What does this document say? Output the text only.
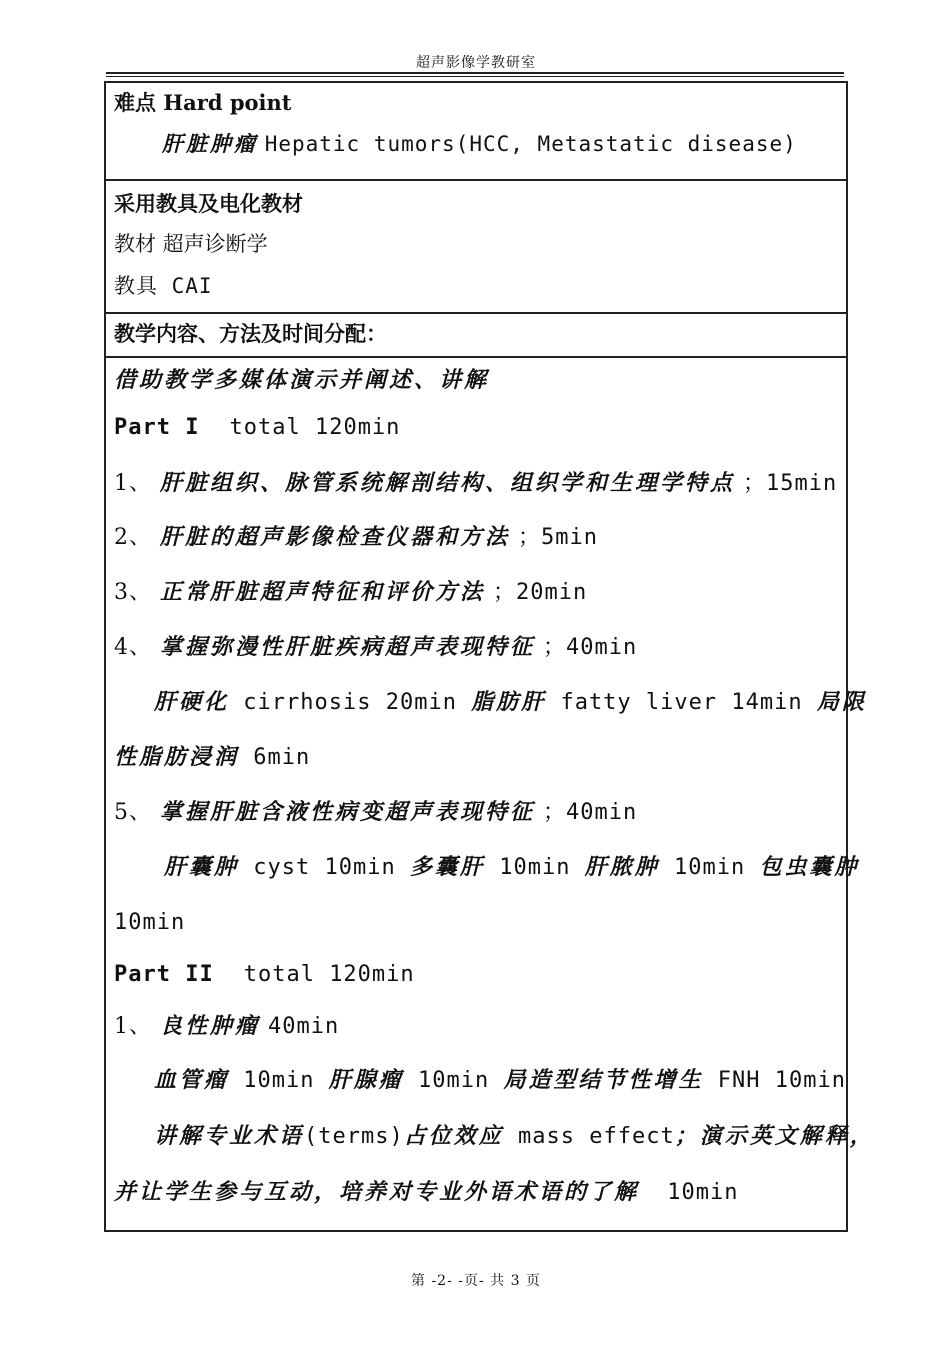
超声影像学教研室
难点 Hard point
肝脏肿瘤 Hepatic tumors(HCC, Metastatic disease)
采用教具及电化教材
教材 超声诊断学
教具 CAI
教学内容、方法及时间分配：
借助教学多媒体演示并阐述、讲解
Part I total 120min
1、 肝脏组织、脉管系统解剖结构、组织学和生理学特点 ；15min
2、 肝脏的超声影像检查仪器和方法 ；5min
3、 正常肝脏超声特征和评价方法 ；20min
4、 掌握弥漫性肝脏疾病超声表现特征 ；40min
肝硬化 cirrhosis 20min 脂肪肝 fatty liver 14min 局限
性脂肪浸润 6min
5、 掌握肝脏含液性病变超声表现特征 ；40min
肝囊肿 cyst 10min 多囊肝 10min 肝脓肿 10min 包虫囊肿
10min
Part II total 120min
1、 良性肿瘤 40min
血管瘤 10min 肝腺瘤 10min 局造型结节性增生 FNH 10min
讲解专业术语(terms)占位效应 mass effect；演示英文解释，
并让学生参与互动，培养对专业外语术语的了解 10min
第 -2- -页- 共 3 页
